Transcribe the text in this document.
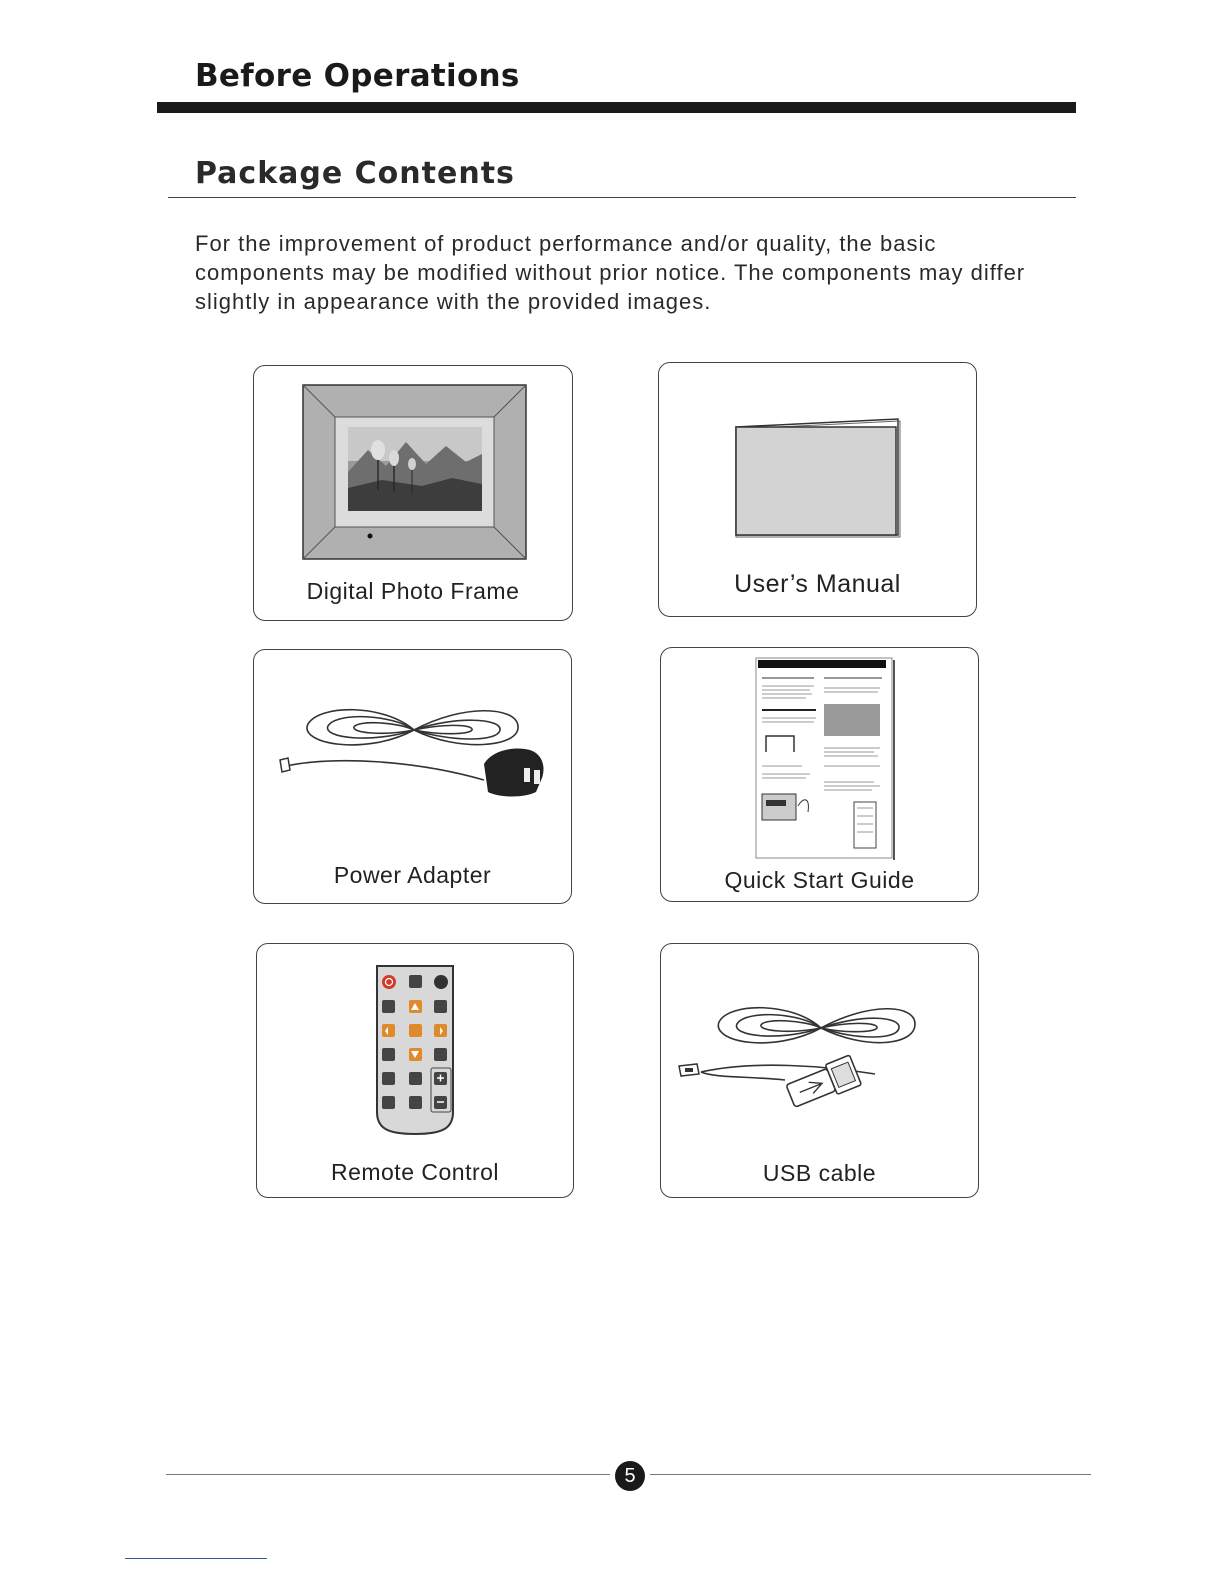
Before Operations
Package Contents

For the improvement of product performance and/or quality, the basic components may be modified without prior notice. The components may differ slightly in appearance with the provided images.

Digital Photo Frame	User’s Manual
Power Adapter	Quick Start Guide
Remote Control	USB cable
5
